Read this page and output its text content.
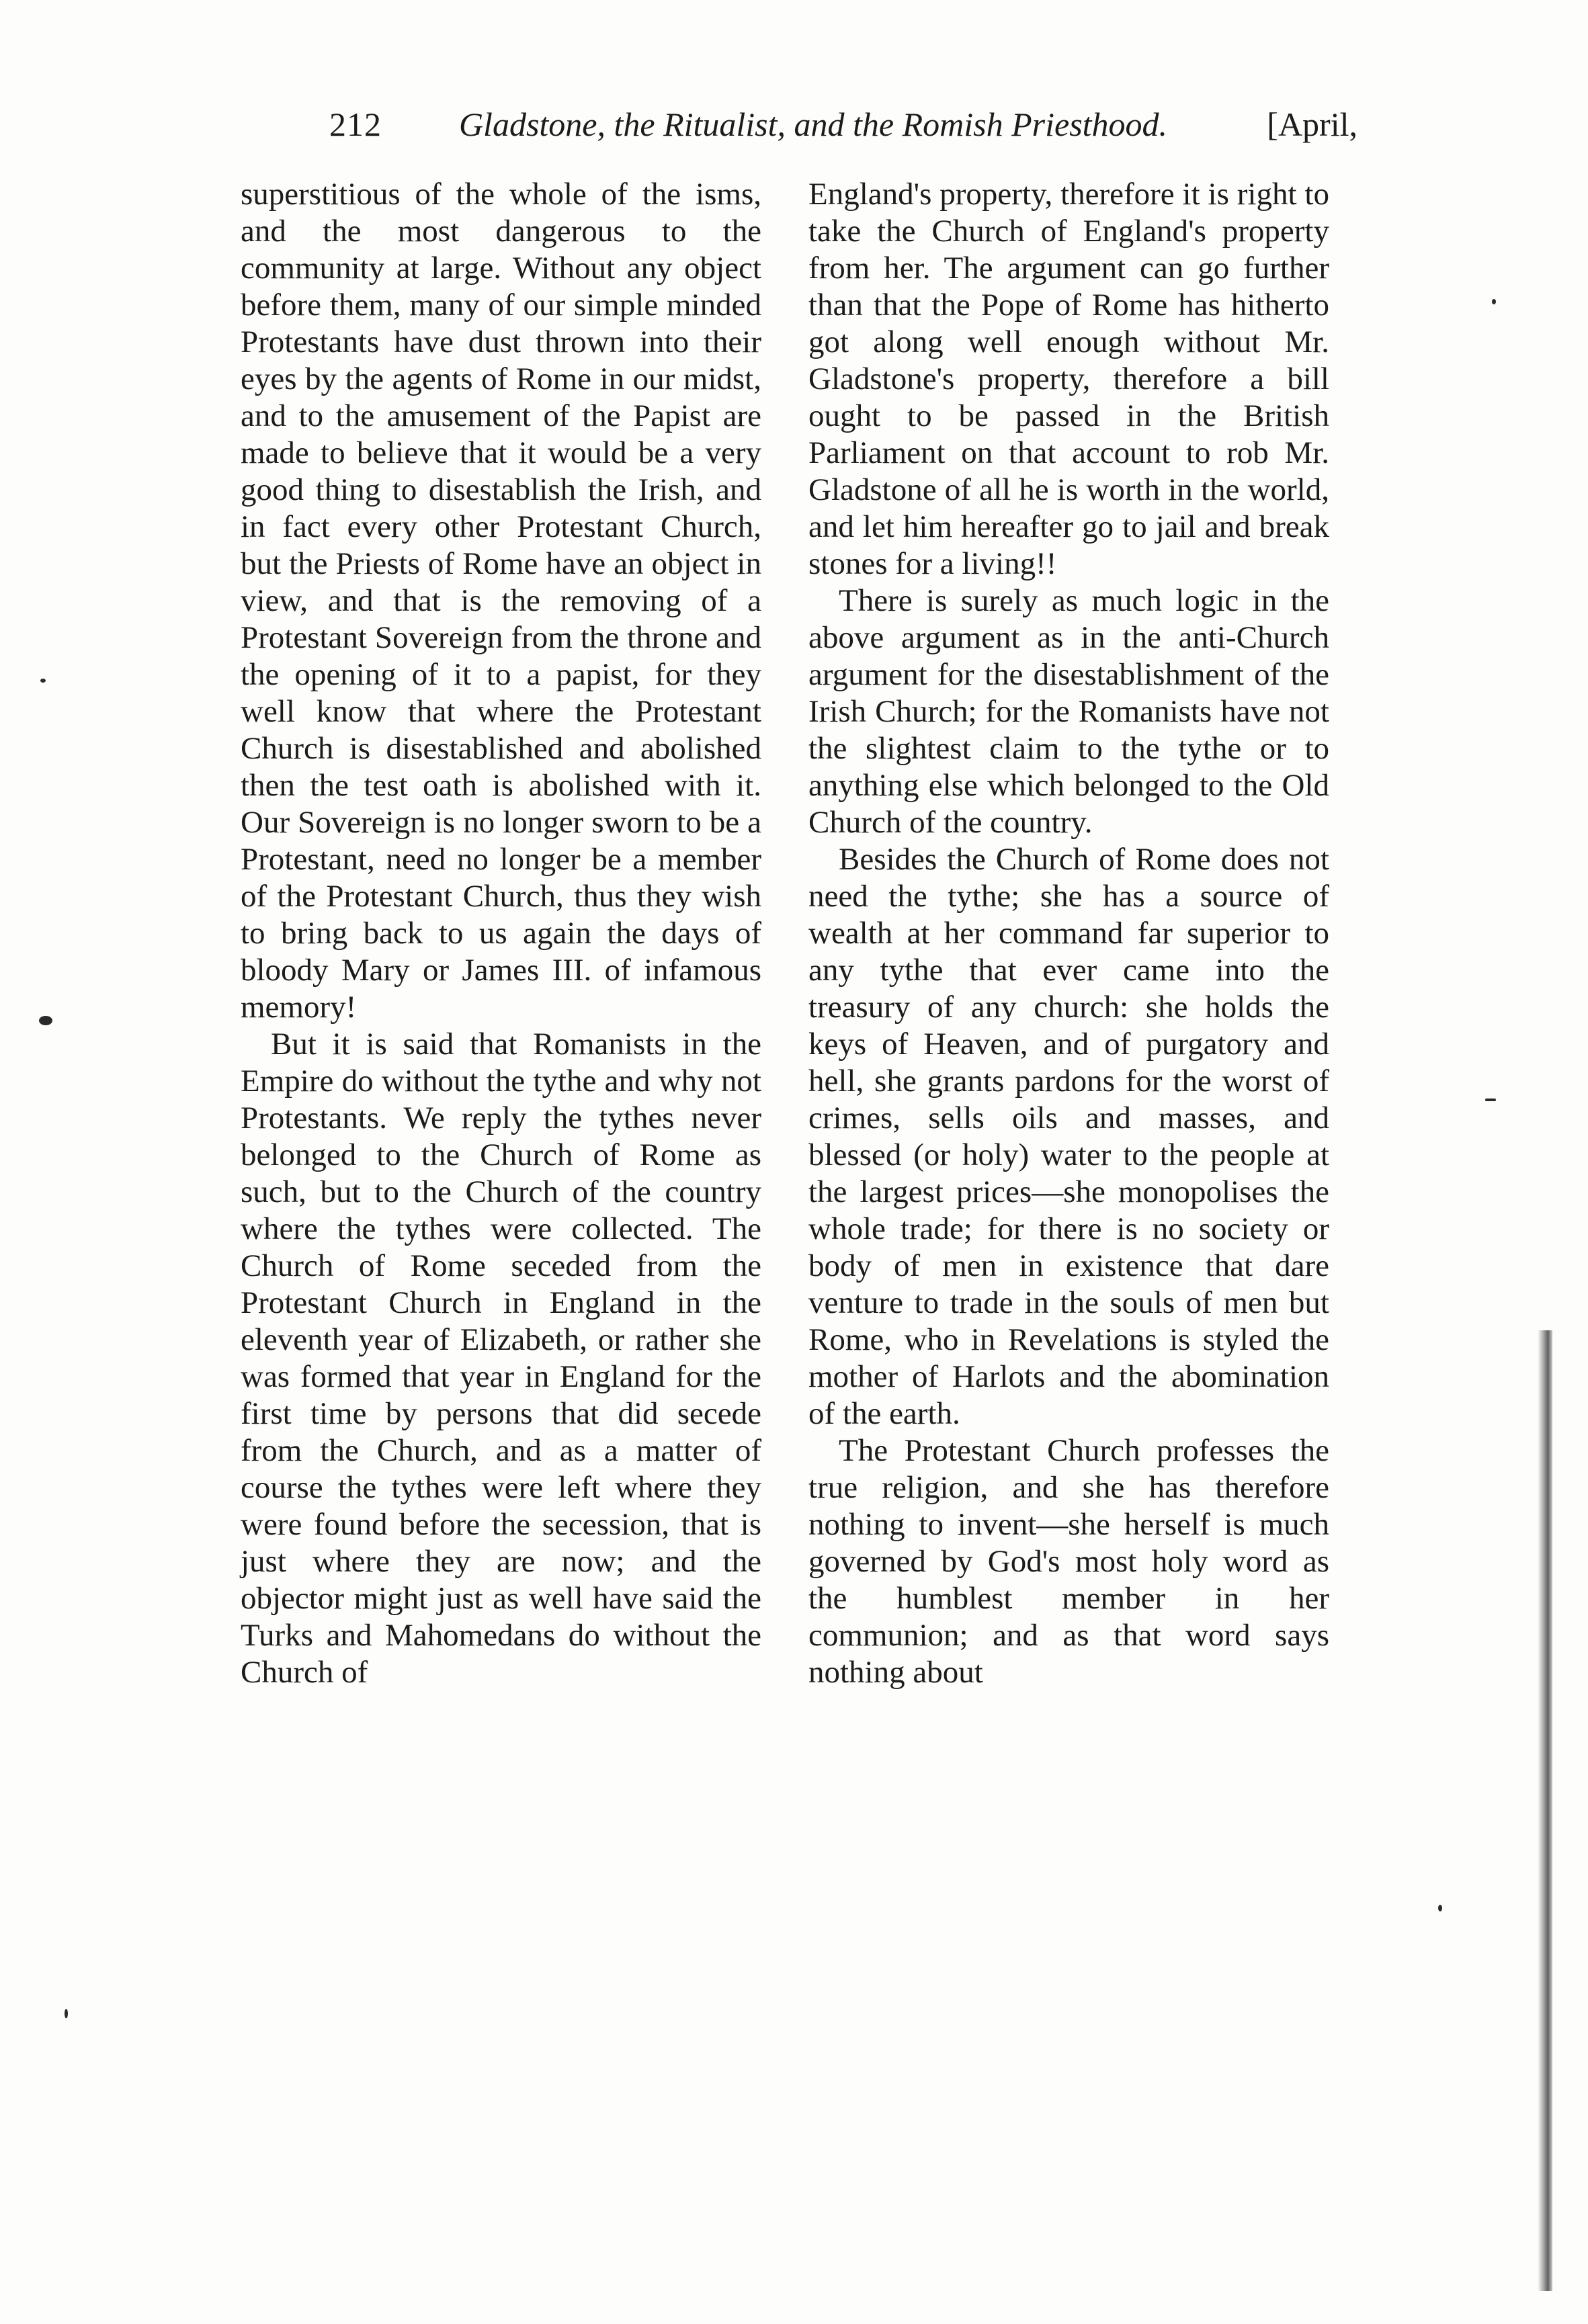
212	Gladstone, the Ritualist, and the Romish Priesthood.	[April,

superstitious of the whole of the isms, and the most dangerous to the community at large. Without any object before them, many of our simple minded Protestants have dust thrown into their eyes by the agents of Rome in our midst, and to the amusement of the Papist are made to believe that it would be a very good thing to disestablish the Irish, and in fact every other Protestant Church, but the Priests of Rome have an object in view, and that is the removing of a Protestant Sovereign from the throne and the opening of it to a papist, for they well know that where the Protestant Church is disestablished and abolished then the test oath is abolished with it. Our Sovereign is no longer sworn to be a Protestant, need no longer be a member of the Protestant Church, thus they wish to bring back to us again the days of bloody Mary or James III. of infamous memory!

But it is said that Romanists in the Empire do without the tythe and why not Protestants. We reply the tythes never belonged to the Church of Rome as such, but to the Church of the country where the tythes were collected. The Church of Rome seceded from the Protestant Church in England in the eleventh year of Elizabeth, or rather she was formed that year in England for the first time by persons that did secede from the Church, and as a matter of course the tythes were left where they were found before the secession, that is just where they are now; and the objector might just as well have said the Turks and Mahomedans do without the Church of

England's property, therefore it is right to take the Church of England's property from her. The argument can go further than that the Pope of Rome has hitherto got along well enough without Mr. Gladstone's property, therefore a bill ought to be passed in the British Parliament on that account to rob Mr. Gladstone of all he is worth in the world, and let him hereafter go to jail and break stones for a living!!

There is surely as much logic in the above argument as in the anti-Church argument for the disestablishment of the Irish Church; for the Romanists have not the slightest claim to the tythe or to anything else which belonged to the Old Church of the country.

Besides the Church of Rome does not need the tythe; she has a source of wealth at her command far superior to any tythe that ever came into the treasury of any church: she holds the keys of Heaven, and of purgatory and hell, she grants pardons for the worst of crimes, sells oils and masses, and blessed (or holy) water to the people at the largest prices—she monopolises the whole trade; for there is no society or body of men in existence that dare venture to trade in the souls of men but Rome, who in Revelations is styled the mother of Harlots and the abomination of the earth.

The Protestant Church professes the true religion, and she has therefore nothing to invent—she herself is much governed by God's most holy word as the humblest member in her communion; and as that word says nothing about
